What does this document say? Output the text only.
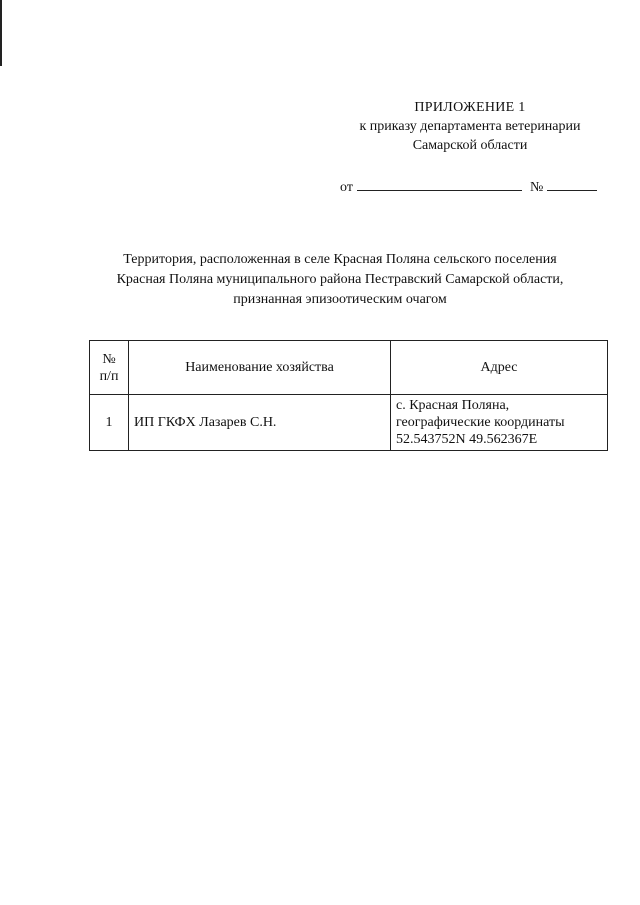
ПРИЛОЖЕНИЕ 1
к приказу департамента ветеринарии
Самарской области
от	№
Территория, расположенная в селе Красная Поляна сельского поселения
Красная Поляна муниципального района Пестравский Самарской области,
признанная эпизоотическим очагом
№
п/п	Наименование хозяйства	Адрес
1	ИП ГКФХ Лазарев С.Н.	с. Красная Поляна,
географические координаты
52.543752N 49.562367E
